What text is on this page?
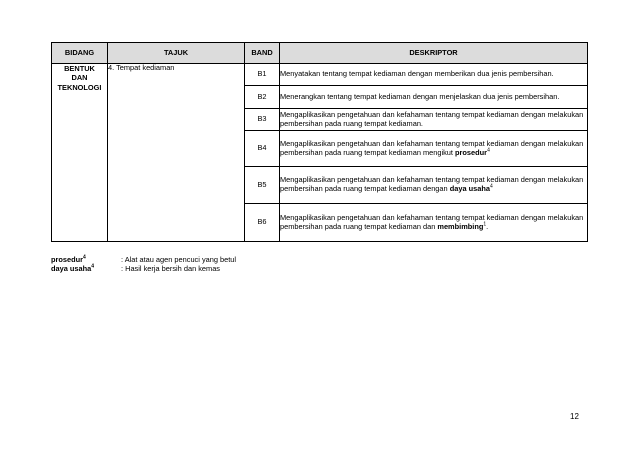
BIDANG	TAJUK	BAND	DESKRIPTOR

BENTUK
DAN
TEKNOLOGI	4. Tempat kediaman	B1	Menyatakan tentang tempat kediaman dengan memberikan dua jenis pembersihan.
		B2	Menerangkan tentang tempat kediaman dengan menjelaskan dua jenis pembersihan.
		B3	Mengaplikasikan pengetahuan dan kefahaman tentang tempat kediaman dengan melakukan pembersihan pada ruang tempat kediaman.
		B4	Mengaplikasikan pengetahuan dan kefahaman tentang tempat kediaman dengan melakukan pembersihan pada ruang tempat kediaman mengikut prosedur$^4$
		B5	Mengaplikasikan pengetahuan dan kefahaman tentang tempat kediaman dengan melakukan pembersihan pada ruang tempat kediaman dengan daya usaha$^4$
		B6	Mengaplikasikan pengetahuan dan kefahaman tentang tempat kediaman dengan melakukan pembersihan pada ruang tempat kediaman dan membimbing$^1$.
prosedur$^4$	: Alat atau agen pencuci yang betul
daya usaha$^4$	: Hasil kerja bersih dan kemas
12
